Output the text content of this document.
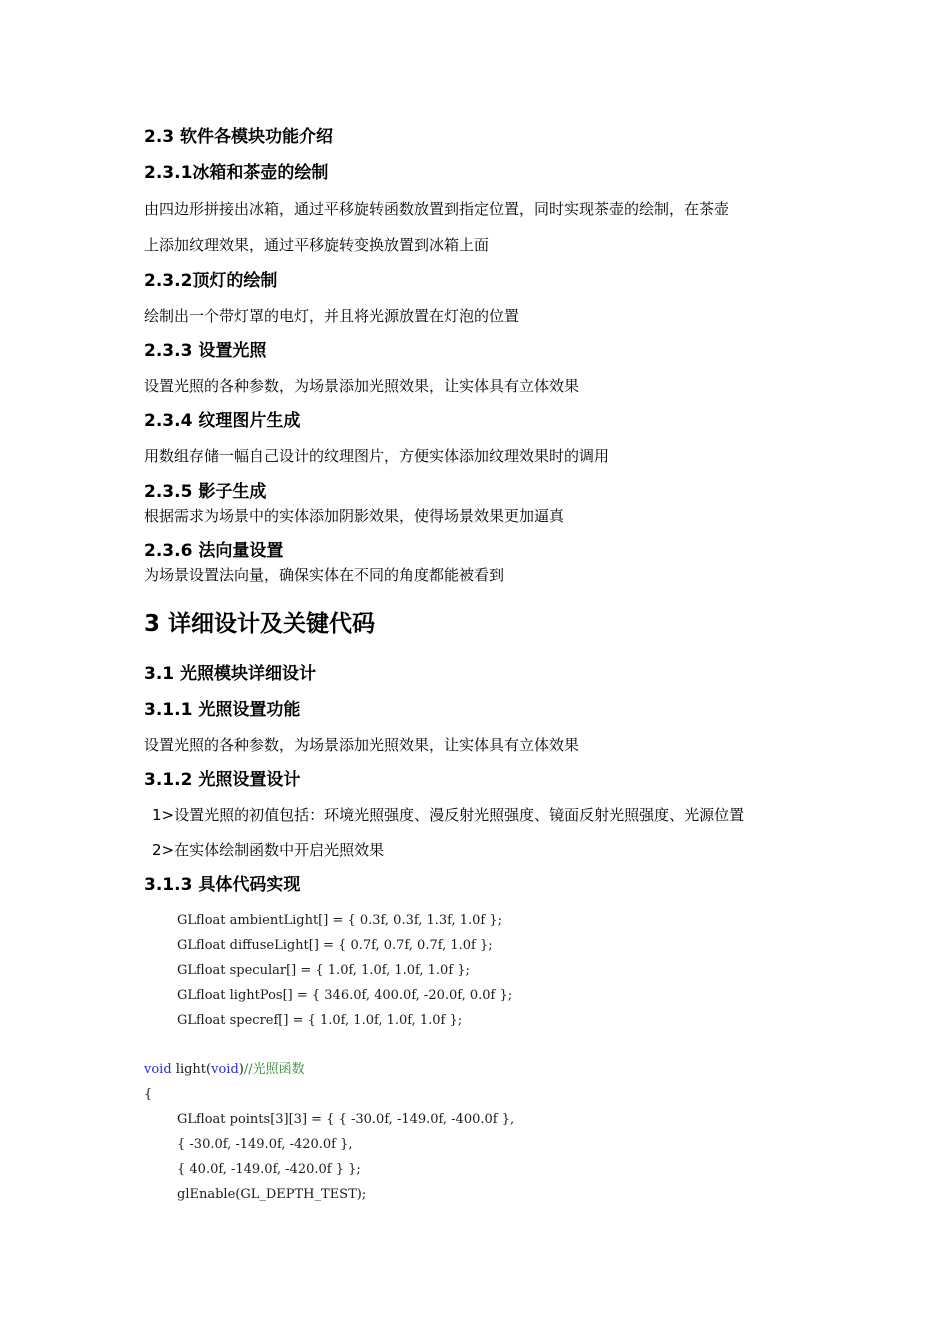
2.3 软件各模块功能介绍
2.3.1冰箱和茶壶的绘制
由四边形拼接出冰箱，通过平移旋转函数放置到指定位置，同时实现茶壶的绘制，在茶壶
上添加纹理效果，通过平移旋转变换放置到冰箱上面
2.3.2顶灯的绘制
绘制出一个带灯罩的电灯，并且将光源放置在灯泡的位置
2.3.3 设置光照
设置光照的各种参数，为场景添加光照效果，让实体具有立体效果
2.3.4 纹理图片生成
用数组存储一幅自己设计的纹理图片，方便实体添加纹理效果时的调用
2.3.5 影子生成
根据需求为场景中的实体添加阴影效果，使得场景效果更加逼真
2.3.6 法向量设置
为场景设置法向量，确保实体在不同的角度都能被看到
3 详细设计及关键代码
3.1 光照模块详细设计
3.1.1 光照设置功能
设置光照的各种参数，为场景添加光照效果，让实体具有立体效果
3.1.2 光照设置设计
1>设置光照的初值包括：环境光照强度、漫反射光照强度、镜面反射光照强度、光源位置
2>在实体绘制函数中开启光照效果
3.1.3 具体代码实现
GLfloat ambientLight[] = { 0.3f, 0.3f, 1.3f, 1.0f };
GLfloat diffuseLight[] = { 0.7f, 0.7f, 0.7f, 1.0f };
GLfloat specular[] = { 1.0f, 1.0f, 1.0f, 1.0f };
GLfloat lightPos[] = { 346.0f, 400.0f, -20.0f, 0.0f };
GLfloat specref[] = { 1.0f, 1.0f, 1.0f, 1.0f };
void light(void)//光照函数
{
GLfloat points[3][3] = { { -30.0f, -149.0f, -400.0f },
{ -30.0f, -149.0f, -420.0f },
{ 40.0f, -149.0f, -420.0f } };
glEnable(GL_DEPTH_TEST);
